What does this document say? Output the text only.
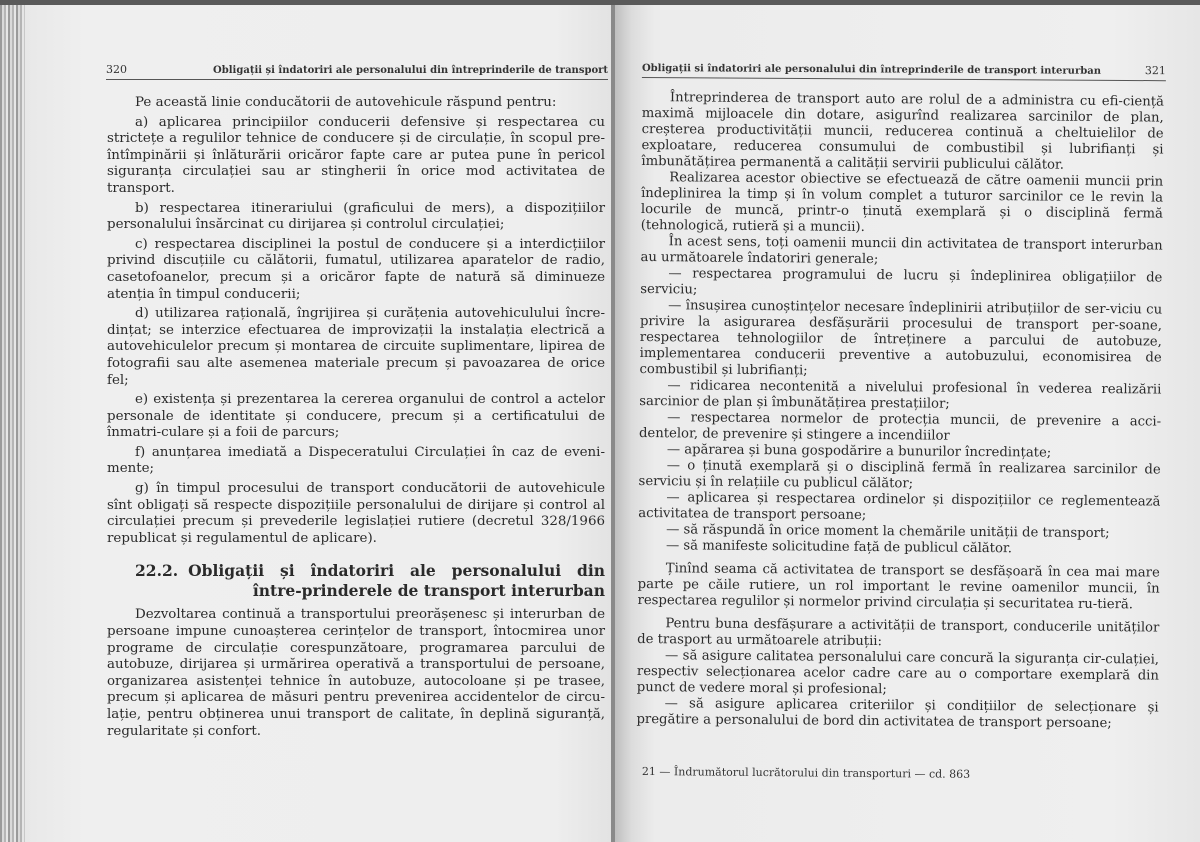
320	Obligații și îndatoriri ale personalului din întreprinderile de transport

Pe această linie conducătorii de autovehicule răspund pentru:

a) aplicarea principiilor conducerii defensive și respectarea cu strictețe a regulilor tehnice de conducere și de circulație, în scopul pre-întîmpinării și înlăturării oricăror fapte care ar putea pune în pericol siguranța circulației sau ar stingherii în orice mod activitatea de transport.

b) respectarea itinerariului (graficului de mers), a dispozițiilor personalului însărcinat cu dirijarea și controlul circulației;

c) respectarea disciplinei la postul de conducere și a interdicțiilor privind discuțiile cu călătorii, fumatul, utilizarea aparatelor de radio, casetofoanelor, precum și a oricăror fapte de natură să diminueze atenția în timpul conducerii;

d) utilizarea rațională, îngrijirea și curățenia autovehiculului încre-dințat; se interzice efectuarea de improvizații la instalația electrică a autovehiculelor precum și montarea de circuite suplimentare, lipirea de fotografii sau alte asemenea materiale precum și pavoazarea de orice fel;

e) existența și prezentarea la cererea organului de control a actelor personale de identitate și conducere, precum și a certificatului de înmatri-culare și a foii de parcurs;

f) anunțarea imediată a Dispeceratului Circulației în caz de eveni-mente;

g) în timpul procesului de transport conducătorii de autovehicule sînt obligați să respecte dispozițiile personalului de dirijare și control al circulației precum și prevederile legislației rutiere (decretul 328/1966 republicat și regulamentul de aplicare).

22.2. Obligații și îndatoriri ale personalului din între-prinderele de transport interurban

Dezvoltarea continuă a transportului preorășenesc și interurban de persoane impune cunoașterea cerințelor de transport, întocmirea unor programe de circulație corespunzătoare, programarea parcului de autobuze, dirijarea și urmărirea operativă a transportului de persoane, organizarea asistenței tehnice în autobuze, autocoloane și pe trasee, precum și aplicarea de măsuri pentru prevenirea accidentelor de circu-lație, pentru obținerea unui transport de calitate, în deplină siguranță, regularitate și confort.

Obligații si îndatoriri ale personalului din întreprinderile de transport interurban	321

Întreprinderea de transport auto are rolul de a administra cu efi-ciență maximă mijloacele din dotare, asigurînd realizarea sarcinilor de plan, creșterea productivității muncii, reducerea continuă a cheltuielilor de exploatare, reducerea consumului de combustibil și lubrifianți și îmbunătățirea permanentă a calității servirii publicului călător.

Realizarea acestor obiective se efectuează de către oamenii muncii prin îndeplinirea la timp și în volum complet a tuturor sarcinilor ce le revin la locurile de muncă, printr-o ținută exemplară și o disciplină fermă (tehnologică, rutieră și a muncii).

În acest sens, toți oamenii muncii din activitatea de transport interurban au următoarele îndatoriri generale;

— respectarea programului de lucru și îndeplinirea obligațiilor de serviciu;

— însușirea cunoștințelor necesare îndeplinirii atribuțiilor de ser-viciu cu privire la asigurarea desfășurării procesului de transport per-soane, respectarea tehnologiilor de întreținere a parcului de autobuze, implementarea conducerii preventive a autobuzului, economisirea de combustibil și lubrifianți;

— ridicarea necontenită a nivelului profesional în vederea realizării sarcinior de plan și îmbunătățirea prestațiilor;

— respectarea normelor de protecția muncii, de prevenire a acci-dentelor, de prevenire și stingere a incendiilor

— apărarea și buna gospodărire a bunurilor încredințate;

— o ținută exemplară și o disciplină fermă în realizarea sarcinilor de serviciu și în relațiile cu publicul călător;

— aplicarea și respectarea ordinelor și dispozițiilor ce reglementează activitatea de transport persoane;

— să răspundă în orice moment la chemările unității de transport;

— să manifeste solicitudine față de publicul călător.

Ținînd seama că activitatea de transport se desfășoară în cea mai mare parte pe căile rutiere, un rol important le revine oamenilor muncii, în respectarea regulilor și normelor privind circulația și securitatea ru-tieră.

Pentru buna desfășurare a activității de transport, conducerile unităților de trasport au următoarele atribuții:

— să asigure calitatea personalului care concură la siguranța cir-culației, respectiv selecționarea acelor cadre care au o comportare exemplară din punct de vedere moral și profesional;

— să asigure aplicarea criteriilor și condițiilor de selecționare și pregătire a personalului de bord din activitatea de transport persoane;

21 — Îndrumătorul lucrătorului din transporturi — cd. 863
